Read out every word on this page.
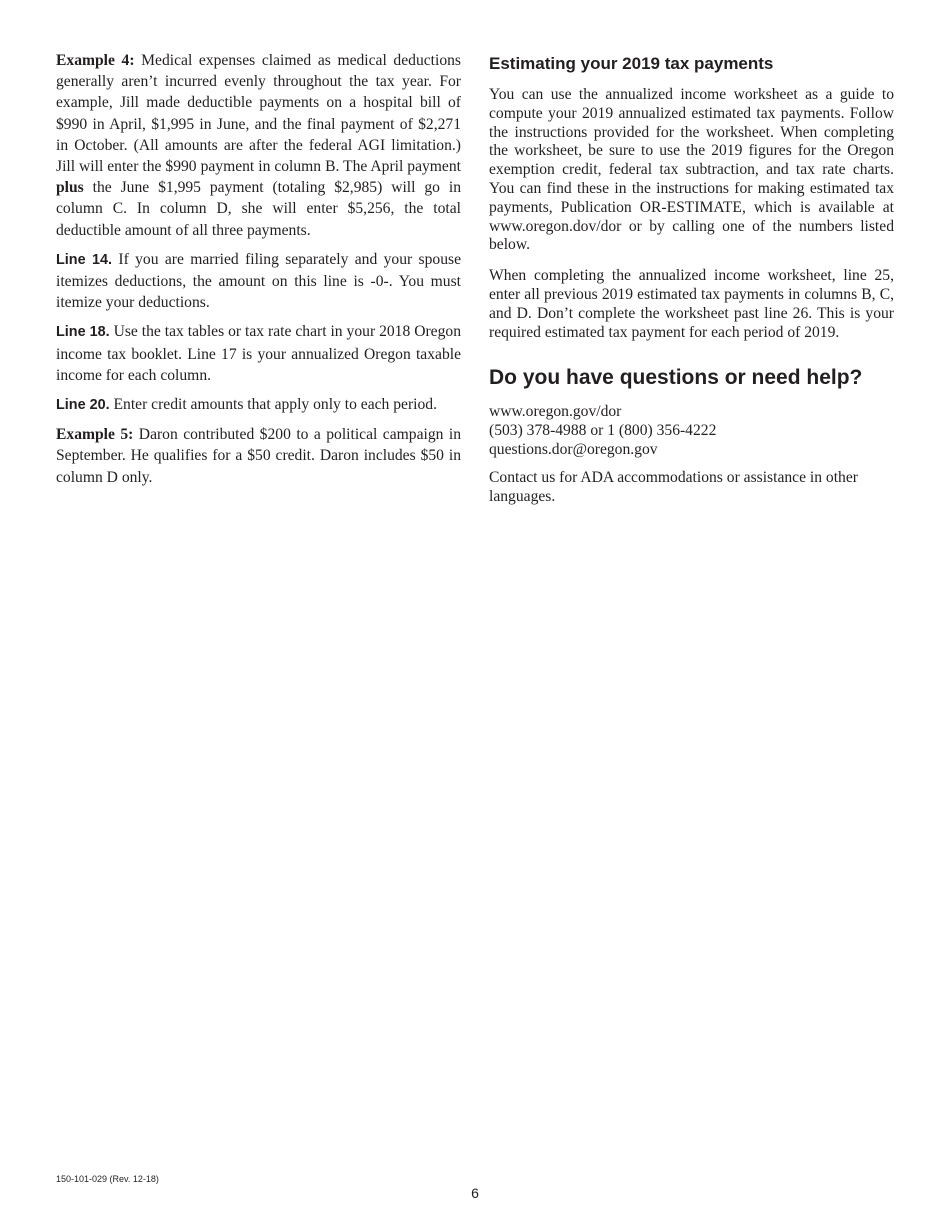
Example 4: Medical expenses claimed as medical deductions generally aren’t incurred evenly throughout the tax year. For example, Jill made deductible payments on a hospital bill of $990 in April, $1,995 in June, and the final payment of $2,271 in October. (All amounts are after the federal AGI limitation.) Jill will enter the $990 payment in column B. The April payment plus the June $1,995 payment (totaling $2,985) will go in column C. In column D, she will enter $5,256, the total deductible amount of all three payments.

Line 14. If you are married filing separately and your spouse itemizes deductions, the amount on this line is -0-. You must itemize your deductions.

Line 18. Use the tax tables or tax rate chart in your 2018 Oregon income tax booklet. Line 17 is your annualized Oregon taxable income for each column.

Line 20. Enter credit amounts that apply only to each period.

Example 5: Daron contributed $200 to a political campaign in September. He qualifies for a $50 credit. Daron includes $50 in column D only.

Estimating your 2019 tax payments

You can use the annualized income worksheet as a guide to compute your 2019 annualized estimated tax payments. Follow the instructions provided for the worksheet. When completing the worksheet, be sure to use the 2019 figures for the Oregon exemption credit, federal tax subtraction, and tax rate charts. You can find these in the instructions for making estimated tax payments, Publication OR-ESTIMATE, which is available at www.oregon.dov/dor or by calling one of the numbers listed below.

When completing the annualized income worksheet, line 25, enter all previous 2019 estimated tax payments in columns B, C, and D. Don’t complete the worksheet past line 26. This is your required estimated tax payment for each period of 2019.

Do you have questions or need help?
www.oregon.gov/dor
(503) 378-4988 or 1 (800) 356-4222
questions.dor@oregon.gov

Contact us for ADA accommodations or assistance in other languages.

150-101-029 (Rev. 12-18)
6
